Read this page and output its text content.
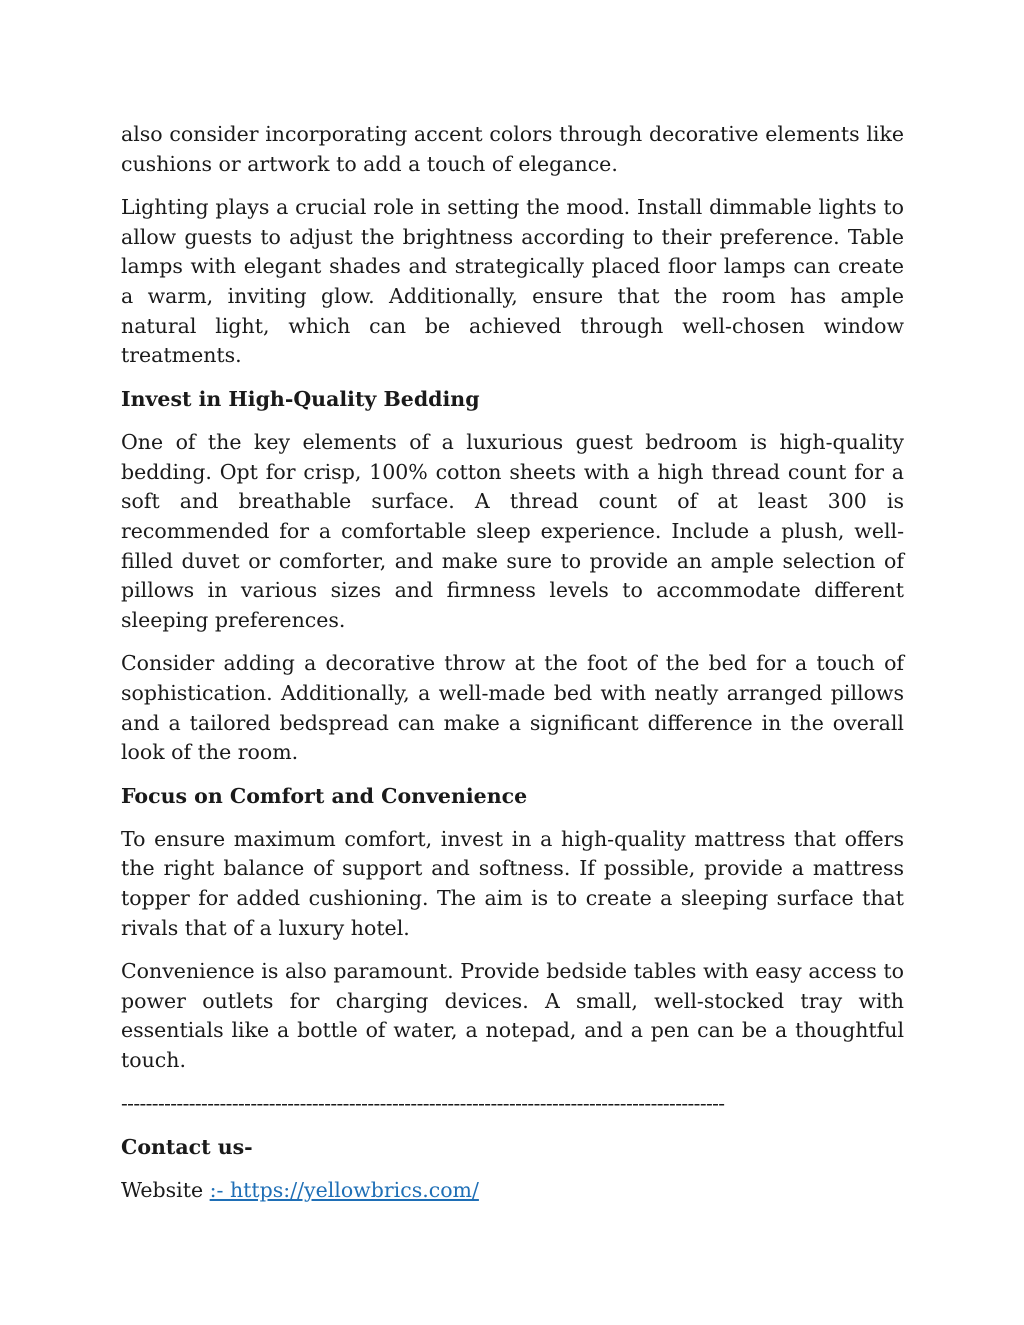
also consider incorporating accent colors through decorative elements like cushions or artwork to add a touch of elegance.

Lighting plays a crucial role in setting the mood. Install dimmable lights to allow guests to adjust the brightness according to their preference. Table lamps with elegant shades and strategically placed floor lamps can create a warm, inviting glow. Additionally, ensure that the room has ample natural light, which can be achieved through well-chosen window treatments.

Invest in High-Quality Bedding

One of the key elements of a luxurious guest bedroom is high-quality bedding. Opt for crisp, 100% cotton sheets with a high thread count for a soft and breathable surface. A thread count of at least 300 is recommended for a comfortable sleep experience. Include a plush, well-filled duvet or comforter, and make sure to provide an ample selection of pillows in various sizes and firmness levels to accommodate different sleeping preferences.

Consider adding a decorative throw at the foot of the bed for a touch of sophistication. Additionally, a well-made bed with neatly arranged pillows and a tailored bedspread can make a significant difference in the overall look of the room.

Focus on Comfort and Convenience

To ensure maximum comfort, invest in a high-quality mattress that offers the right balance of support and softness. If possible, provide a mattress topper for added cushioning. The aim is to create a sleeping surface that rivals that of a luxury hotel.

Convenience is also paramount. Provide bedside tables with easy access to power outlets for charging devices. A small, well-stocked tray with essentials like a bottle of water, a notepad, and a pen can be a thoughtful touch.

--------------------------------------------------------------------------------------------------

Contact us-

Website :- https://yellowbrics.com/
